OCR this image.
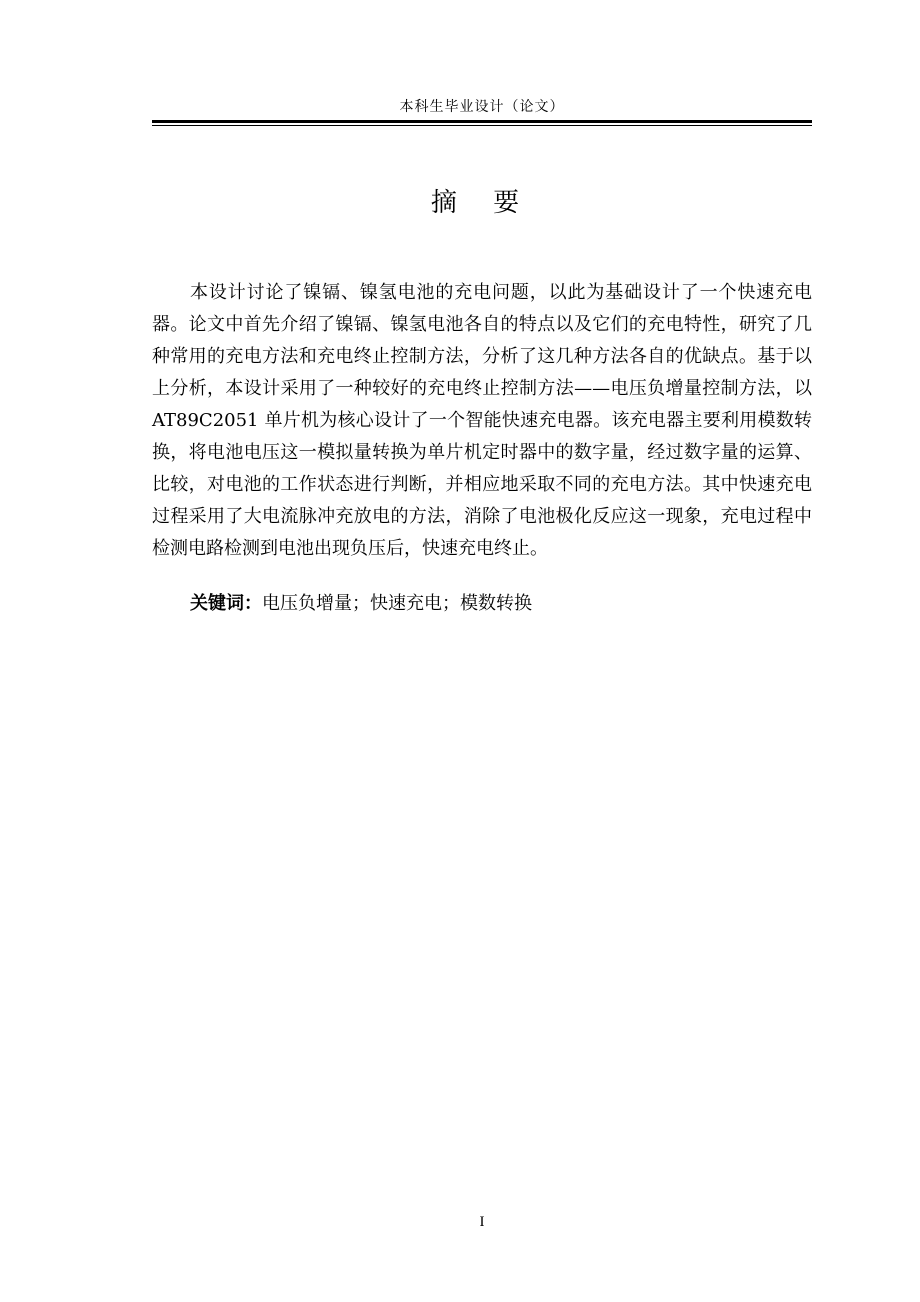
本科生毕业设计（论文）
摘 要

本设计讨论了镍镉、镍氢电池的充电问题，以此为基础设计了一个快速充电器。论文中首先介绍了镍镉、镍氢电池各自的特点以及它们的充电特性，研究了几种常用的充电方法和充电终止控制方法，分析了这几种方法各自的优缺点。基于以上分析，本设计采用了一种较好的充电终止控制方法——电压负增量控制方法，以 AT89C2051 单片机为核心设计了一个智能快速充电器。该充电器主要利用模数转换，将电池电压这一模拟量转换为单片机定时器中的数字量，经过数字量的运算、比较，对电池的工作状态进行判断，并相应地采取不同的充电方法。其中快速充电过程采用了大电流脉冲充放电的方法，消除了电池极化反应这一现象，充电过程中检测电路检测到电池出现负压后，快速充电终止。

关键词：电压负增量；快速充电；模数转换
I
